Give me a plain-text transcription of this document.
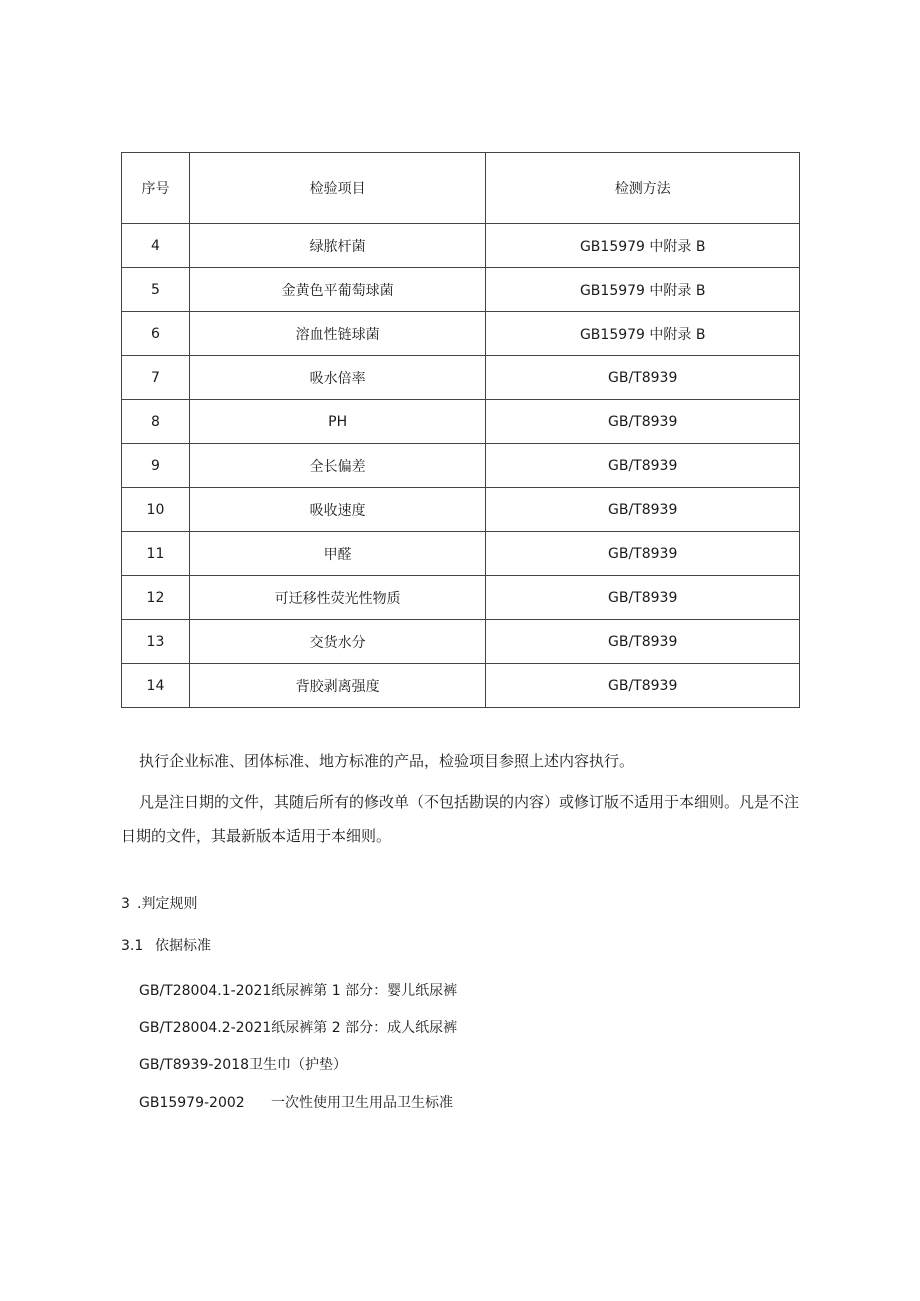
序号	检验项目	检测方法
4	绿脓杆菌	GB15979 中附录 B
5	金黄色平葡萄球菌	GB15979 中附录 B
6	溶血性链球菌	GB15979 中附录 B
7	吸水倍率	GB/T8939
8	PH	GB/T8939
9	全长偏差	GB/T8939
10	吸收速度	GB/T8939
11	甲醛	GB/T8939
12	可迁移性荧光性物质	GB/T8939
13	交货水分	GB/T8939
14	背胶剥离强度	GB/T8939

执行企业标准、团体标准、地方标准的产品，检验项目参照上述内容执行。

凡是注日期的文件，其随后所有的修改单（不包括勘误的内容）或修订版不适用于本细则。凡是不注日期的文件，其最新版本适用于本细则。

3 .判定规则

3.1 依据标准

GB/T28004.1-2021纸尿裤第 1 部分：婴儿纸尿裤

GB/T28004.2-2021纸尿裤第 2 部分：成人纸尿裤

GB/T8939-2018卫生巾（护垫）

GB15979-2002 一次性使用卫生用品卫生标准
